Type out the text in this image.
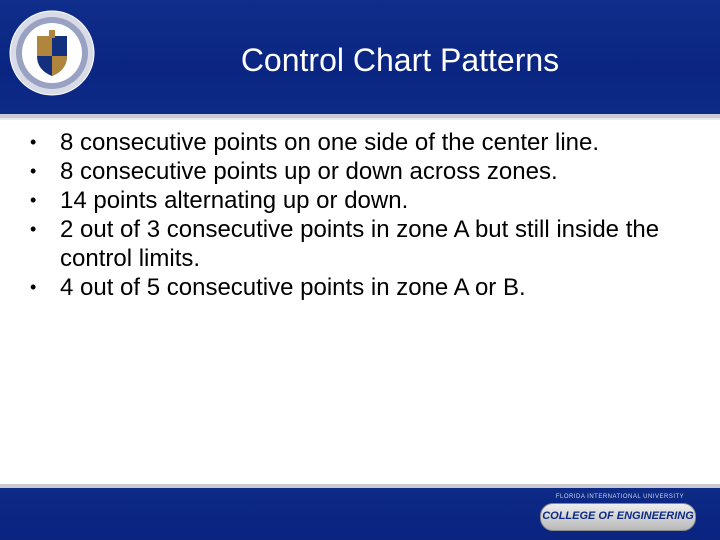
Control Chart Patterns
• 8 consecutive points on one side of the center line.
• 8 consecutive points up or down across zones.
• 14 points alternating up or down.
• 2 out of 3 consecutive points in zone A but still inside the control limits.
• 4 out of 5 consecutive points in zone A or B.
FLORIDA INTERNATIONAL UNIVERSITY
COLLEGE OF ENGINEERING
